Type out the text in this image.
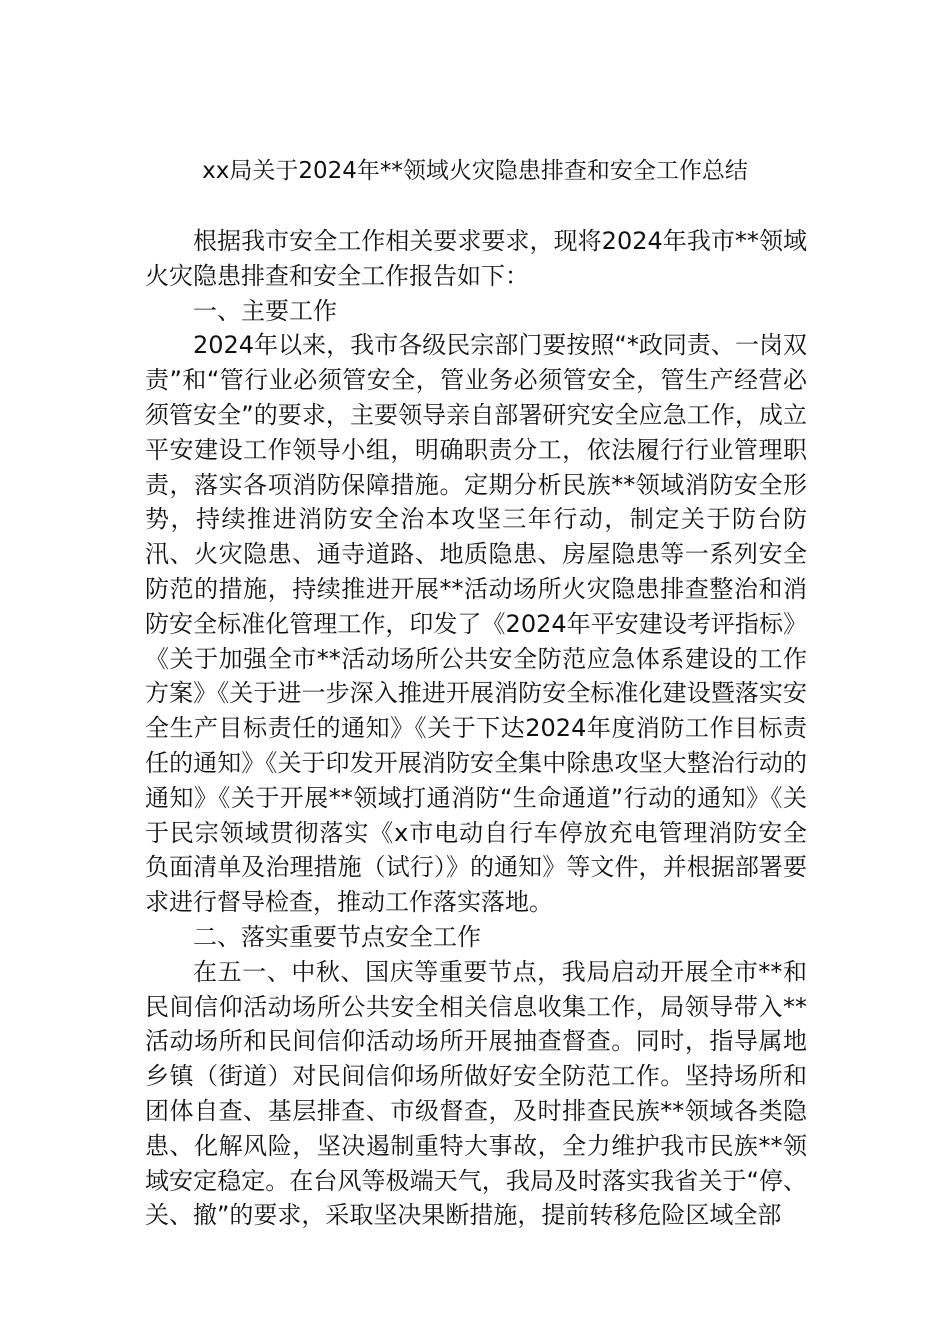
xx局关于2024年**领域火灾隐患排查和安全工作总结

根据我市安全工作相关要求要求，现将2024年我市**领域火灾隐患排查和安全工作报告如下：

一、主要工作

2024年以来，我市各级民宗部门要按照“*政同责、一岗双责”和“管行业必须管安全，管业务必须管安全，管生产经营必须管安全”的要求，主要领导亲自部署研究安全应急工作，成立平安建设工作领导小组，明确职责分工，依法履行行业管理职责，落实各项消防保障措施。定期分析民族**领域消防安全形势，持续推进消防安全治本攻坚三年行动，制定关于防台防汛、火灾隐患、通寺道路、地质隐患、房屋隐患等一系列安全防范的措施，持续推进开展**活动场所火灾隐患排查整治和消防安全标准化管理工作，印发了《2024年平安建设考评指标》《关于加强全市**活动场所公共安全防范应急体系建设的工作方案》《关于进一步深入推进开展消防安全标准化建设暨落实安全生产目标责任的通知》《关于下达2024年度消防工作目标责任的通知》《关于印发开展消防安全集中除患攻坚大整治行动的通知》《关于开展**领域打通消防“生命通道”行动的通知》《关于民宗领域贯彻落实《x市电动自行车停放充电管理消防安全负面清单及治理措施（试行）》的通知》等文件，并根据部署要求进行督导检查，推动工作落实落地。

二、落实重要节点安全工作

在五一、中秋、国庆等重要节点，我局启动开展全市**和民间信仰活动场所公共安全相关信息收集工作，局领导带入**活动场所和民间信仰活动场所开展抽查督查。同时，指导属地乡镇（街道）对民间信仰场所做好安全防范工作。坚持场所和团体自查、基层排查、市级督查，及时排查民族**领域各类隐患、化解风险，坚决遏制重特大事故，全力维护我市民族**领域安定稳定。在台风等极端天气，我局及时落实我省关于“停、关、撤”的要求，采取坚决果断措施，提前转移危险区域全部
